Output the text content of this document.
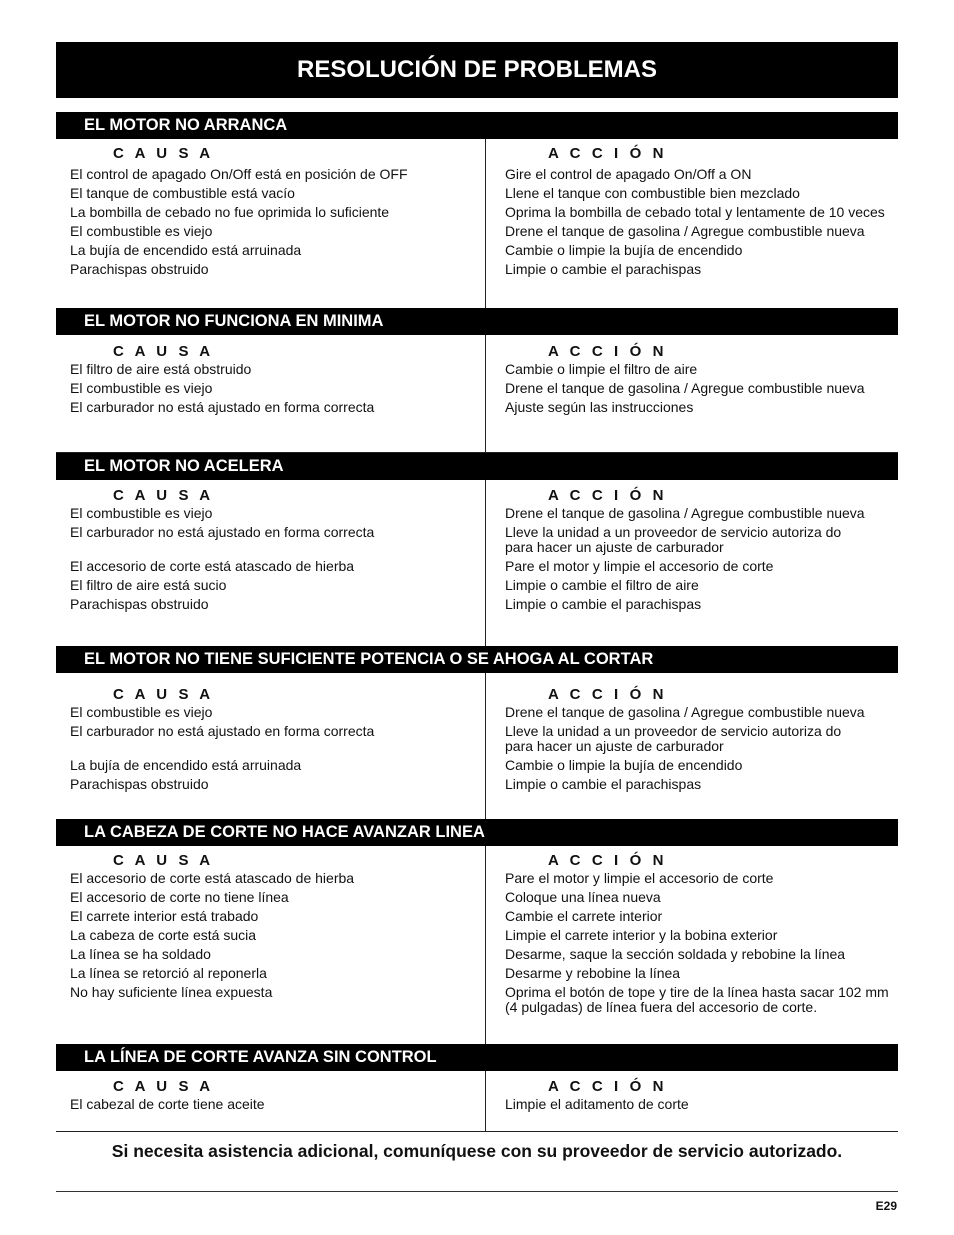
RESOLUCIÓN DE PROBLEMAS
EL MOTOR NO ARRANCA
C A U S A
El control de apagado On/Off está en posición de OFF
El tanque de combustible está vacío
La bombilla de cebado no fue oprimida lo suficiente
El combustible es viejo
La bujía de encendido está arruinada
Parachispas obstruido
A C C I Ó N
Gire el control de apagado On/Off a ON
Llene el tanque con combustible bien mezclado
Oprima la bombilla de cebado total y lentamente de 10 veces
Drene el tanque de gasolina / Agregue combustible nueva
Cambie o limpie la bujía de encendido
Limpie o cambie el parachispas
EL MOTOR NO FUNCIONA EN MINIMA
C A U S A
El filtro de aire está obstruido
El combustible es viejo
El carburador no está ajustado en forma correcta
A C C I Ó N
Cambie o limpie el filtro de aire
Drene el tanque de gasolina / Agregue combustible nueva
Ajuste según las instrucciones
EL MOTOR NO ACELERA
C A U S A
El combustible es viejo
El carburador no está ajustado en forma correcta
El accesorio de corte está atascado de hierba
El filtro de aire está sucio
Parachispas obstruido
A C C I Ó N
Drene el tanque de gasolina / Agregue combustible nueva
Lleve la unidad a un proveedor de servicio autoriza do para hacer un ajuste de carburador
Pare el motor y limpie el accesorio de corte
Limpie o cambie el filtro de aire
Limpie o cambie el parachispas
EL MOTOR NO TIENE SUFICIENTE POTENCIA O SE AHOGA AL CORTAR
C A U S A
El combustible es viejo
El carburador no está ajustado en forma correcta
La bujía de encendido está arruinada
Parachispas obstruido
A C C I Ó N
Drene el tanque de gasolina / Agregue combustible nueva
Lleve la unidad a un proveedor de servicio autoriza do para hacer un ajuste de carburador
Cambie o limpie la bujía de encendido
Limpie o cambie el parachispas
LA CABEZA DE CORTE NO HACE AVANZAR LINEA
C A U S A
El accesorio de corte está atascado de hierba
El accesorio de corte no tiene línea
El carrete interior está trabado
La cabeza de corte está sucia
La línea se ha soldado
La línea se retorció al reponerla
No hay suficiente línea expuesta
A C C I Ó N
Pare el motor y limpie el accesorio de corte
Coloque una línea nueva
Cambie el carrete interior
Limpie el carrete interior y la bobina exterior
Desarme, saque la sección soldada y rebobine la línea
Desarme y rebobine la línea
Oprima el botón de tope y tire de la línea hasta sacar 102 mm (4 pulgadas) de línea fuera del accesorio de corte.
LA LÍNEA DE CORTE AVANZA SIN CONTROL
C A U S A
El cabezal de corte tiene aceite
A C C I Ó N
Limpie el aditamento de corte
Si necesita asistencia adicional, comuníquese con su proveedor de servicio autorizado.
E29
